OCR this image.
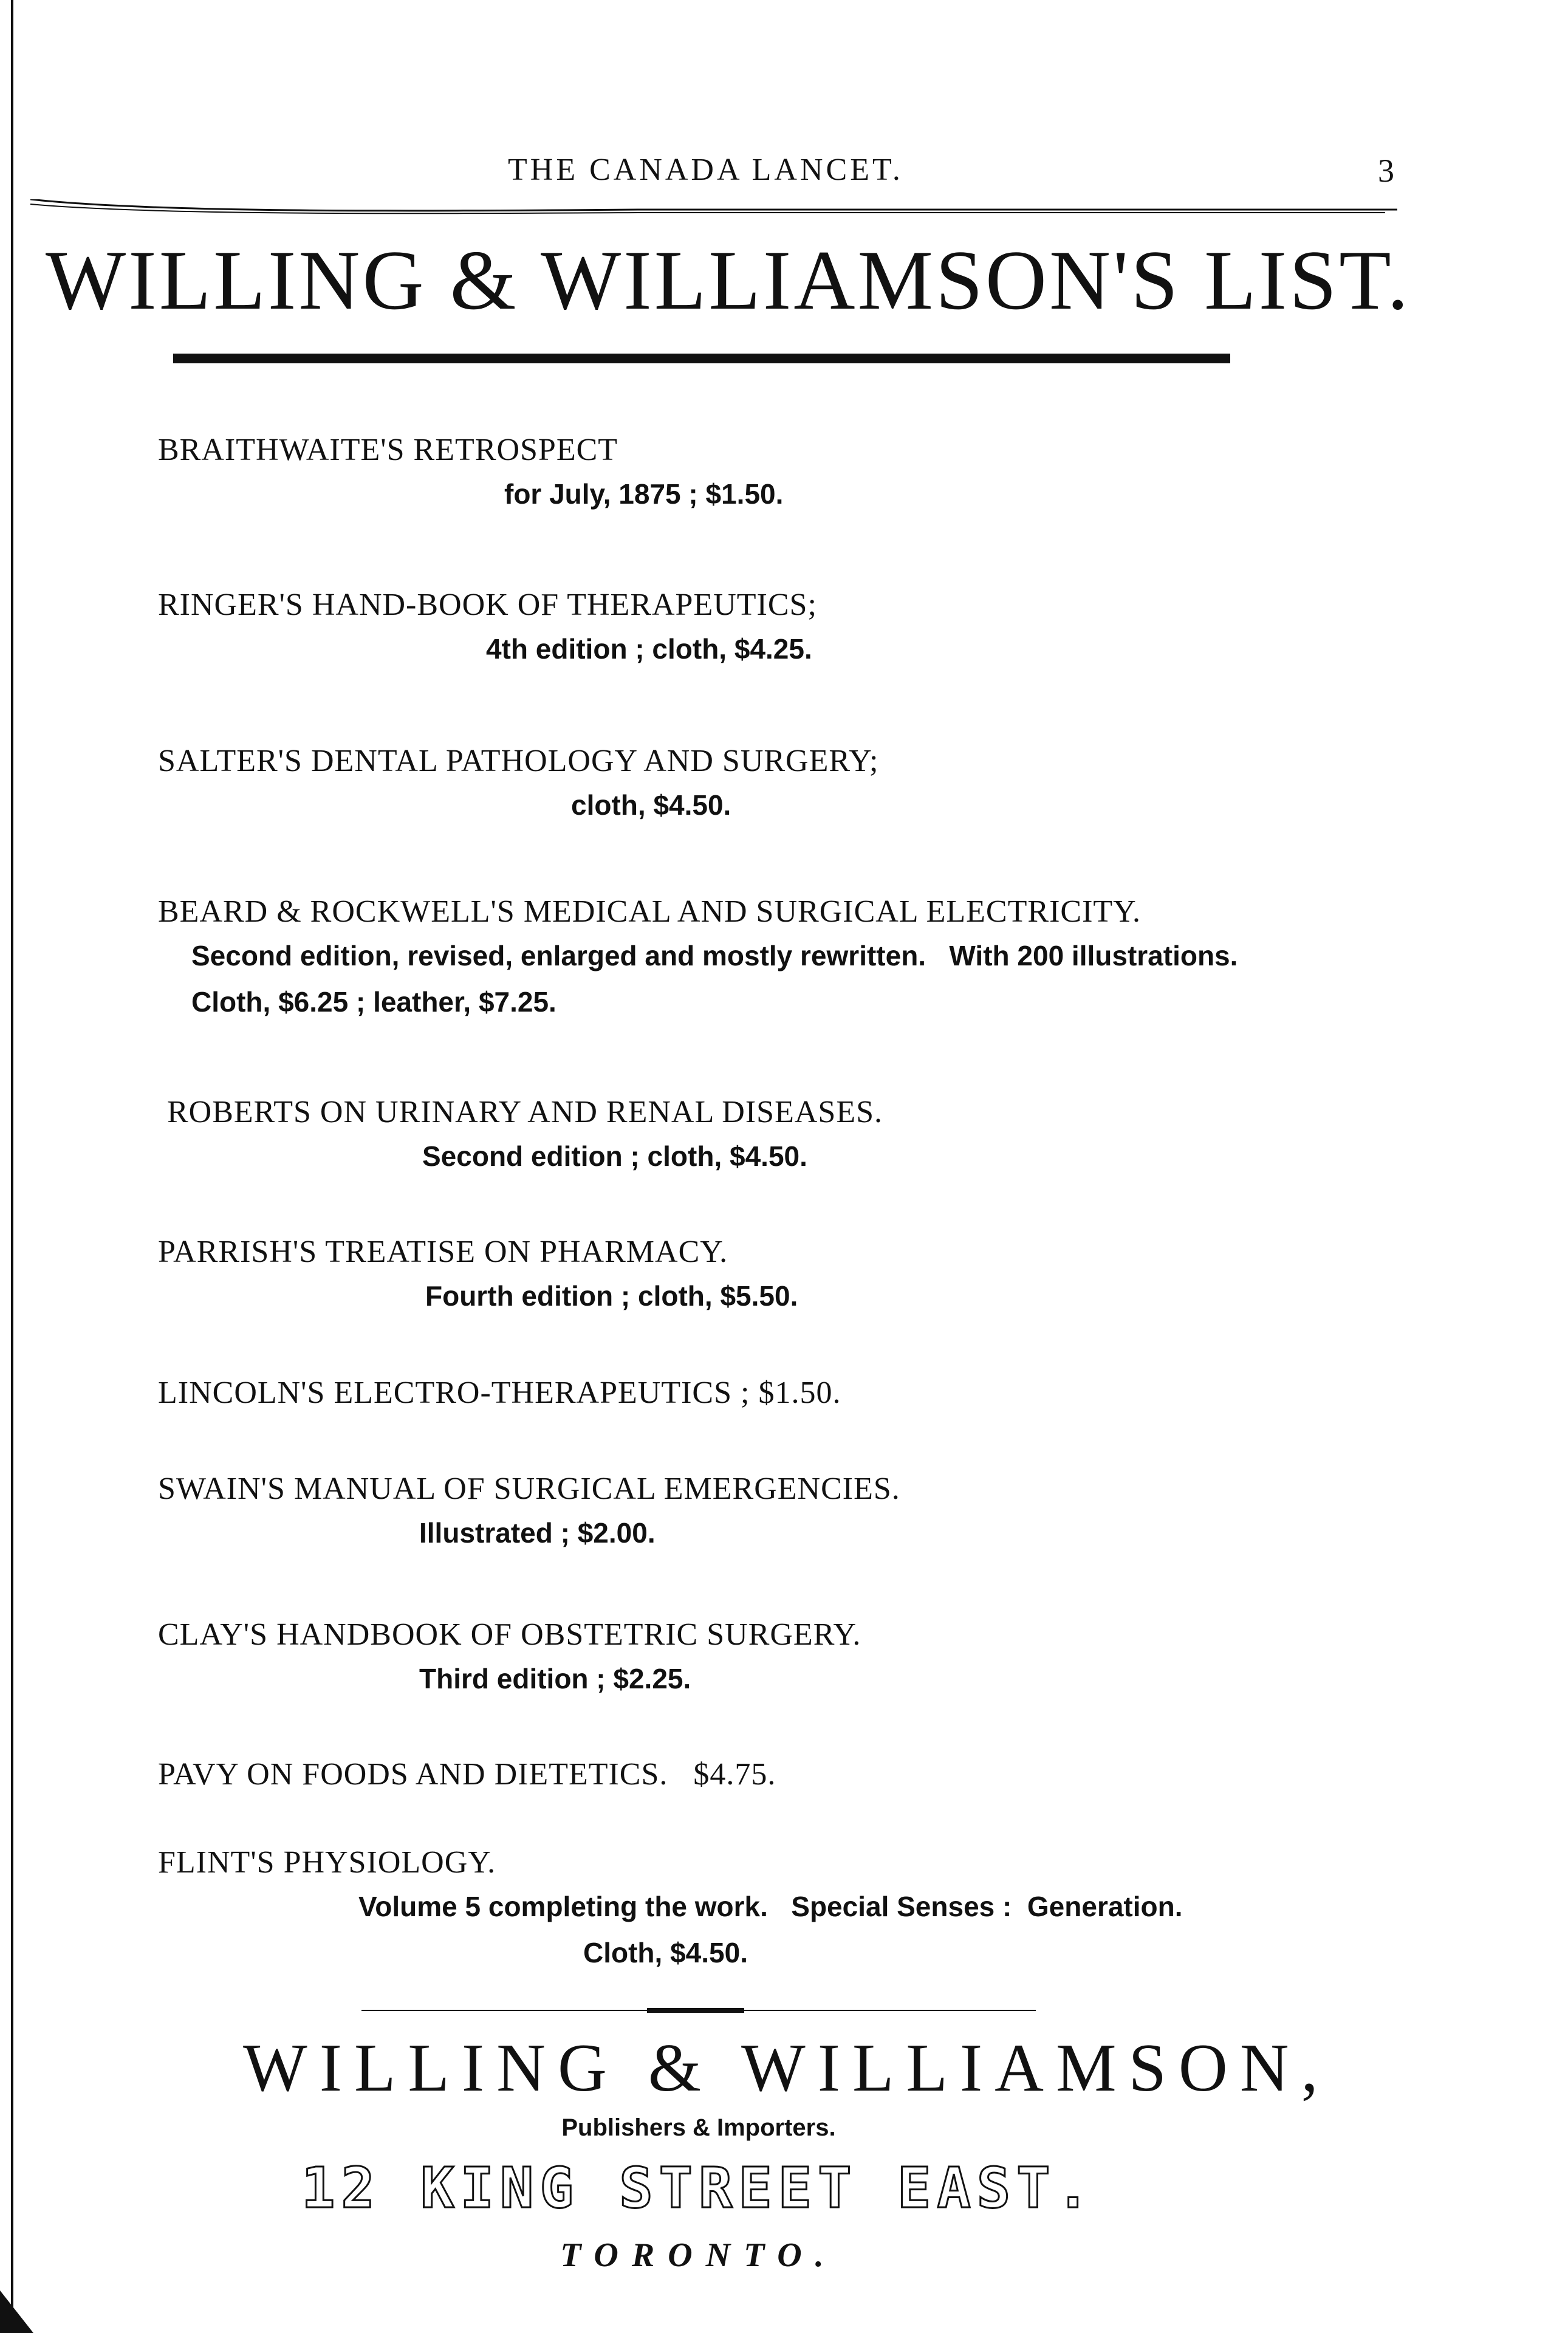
THE CANADA LANCET.	3
WILLING & WILLIAMSON'S LIST.
BRAITHWAITE'S RETROSPECT
for July, 1875 ; $1.50.
RINGER'S HAND-BOOK OF THERAPEUTICS;
4th edition ; cloth, $4.25.
SALTER'S DENTAL PATHOLOGY AND SURGERY;
cloth, $4.50.
BEARD & ROCKWELL'S MEDICAL AND SURGICAL ELECTRICITY.
Second edition, revised, enlarged and mostly rewritten.   With 200 illustrations.
Cloth, $6.25 ; leather, $7.25.
ROBERTS ON URINARY AND RENAL DISEASES.
Second edition ; cloth, $4.50.
PARRISH'S TREATISE ON PHARMACY.
Fourth edition ; cloth, $5.50.
LINCOLN'S ELECTRO-THERAPEUTICS ; $1.50.
SWAIN'S MANUAL OF SURGICAL EMERGENCIES.
Illustrated ; $2.00.
CLAY'S HANDBOOK OF OBSTETRIC SURGERY.
Third edition ; $2.25.
PAVY ON FOODS AND DIETETICS.   $4.75.
FLINT'S PHYSIOLOGY.
Volume 5 completing the work.   Special Senses :  Generation.
Cloth, $4.50.
WILLING & WILLIAMSON,
Publishers & Importers.
12 KING STREET EAST.
TORONTO.
